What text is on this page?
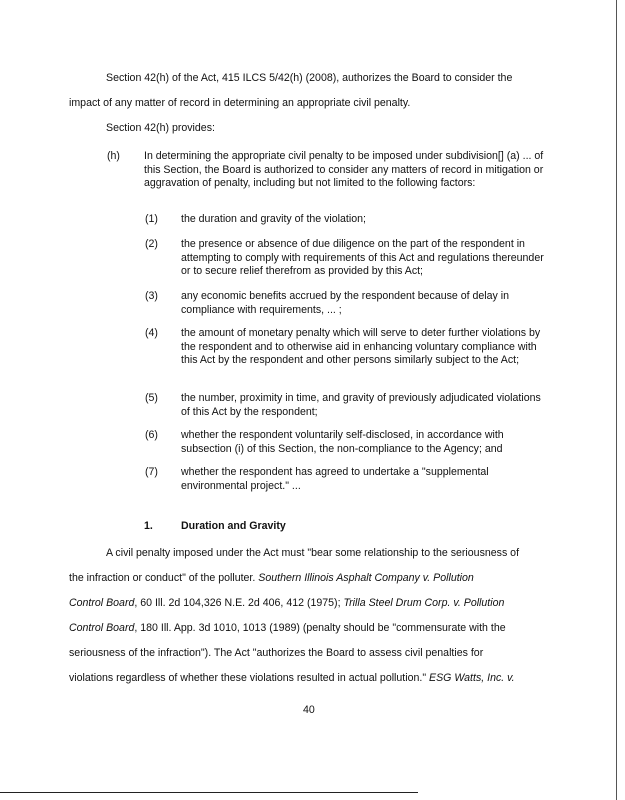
Section 42(h) of the Act, 415 ILCS 5/42(h) (2008), authorizes the Board to consider the
impact of any matter of record in determining an appropriate civil penalty.
Section 42(h) provides:
(h) In determining the appropriate civil penalty to be imposed under subdivision[] (a) ... of this Section, the Board is authorized to consider any matters of record in mitigation or aggravation of penalty, including but not limited to the following factors:
(1) the duration and gravity of the violation;
(2) the presence or absence of due diligence on the part of the respondent in attempting to comply with requirements of this Act and regulations thereunder or to secure relief therefrom as provided by this Act;
(3) any economic benefits accrued by the respondent because of delay in compliance with requirements, ... ;
(4) the amount of monetary penalty which will serve to deter further violations by the respondent and to otherwise aid in enhancing voluntary compliance with this Act by the respondent and other persons similarly subject to the Act;
(5) the number, proximity in time, and gravity of previously adjudicated violations of this Act by the respondent;
(6) whether the respondent voluntarily self-disclosed, in accordance with subsection (i) of this Section, the non-compliance to the Agency; and
(7) whether the respondent has agreed to undertake a "supplemental environmental project." ...
1.	Duration and Gravity
A civil penalty imposed under the Act must "bear some relationship to the seriousness of
the infraction or conduct" of the polluter. Southern Illinois Asphalt Company v. Pollution
Control Board, 60 Ill. 2d 104,326 N.E. 2d 406, 412 (1975); Trilla Steel Drum Corp. v. Pollution
Control Board, 180 Ill. App. 3d 1010, 1013 (1989) (penalty should be "commensurate with the
seriousness of the infraction"). The Act "authorizes the Board to assess civil penalties for
violations regardless of whether these violations resulted in actual pollution." ESG Watts, Inc. v.
40
